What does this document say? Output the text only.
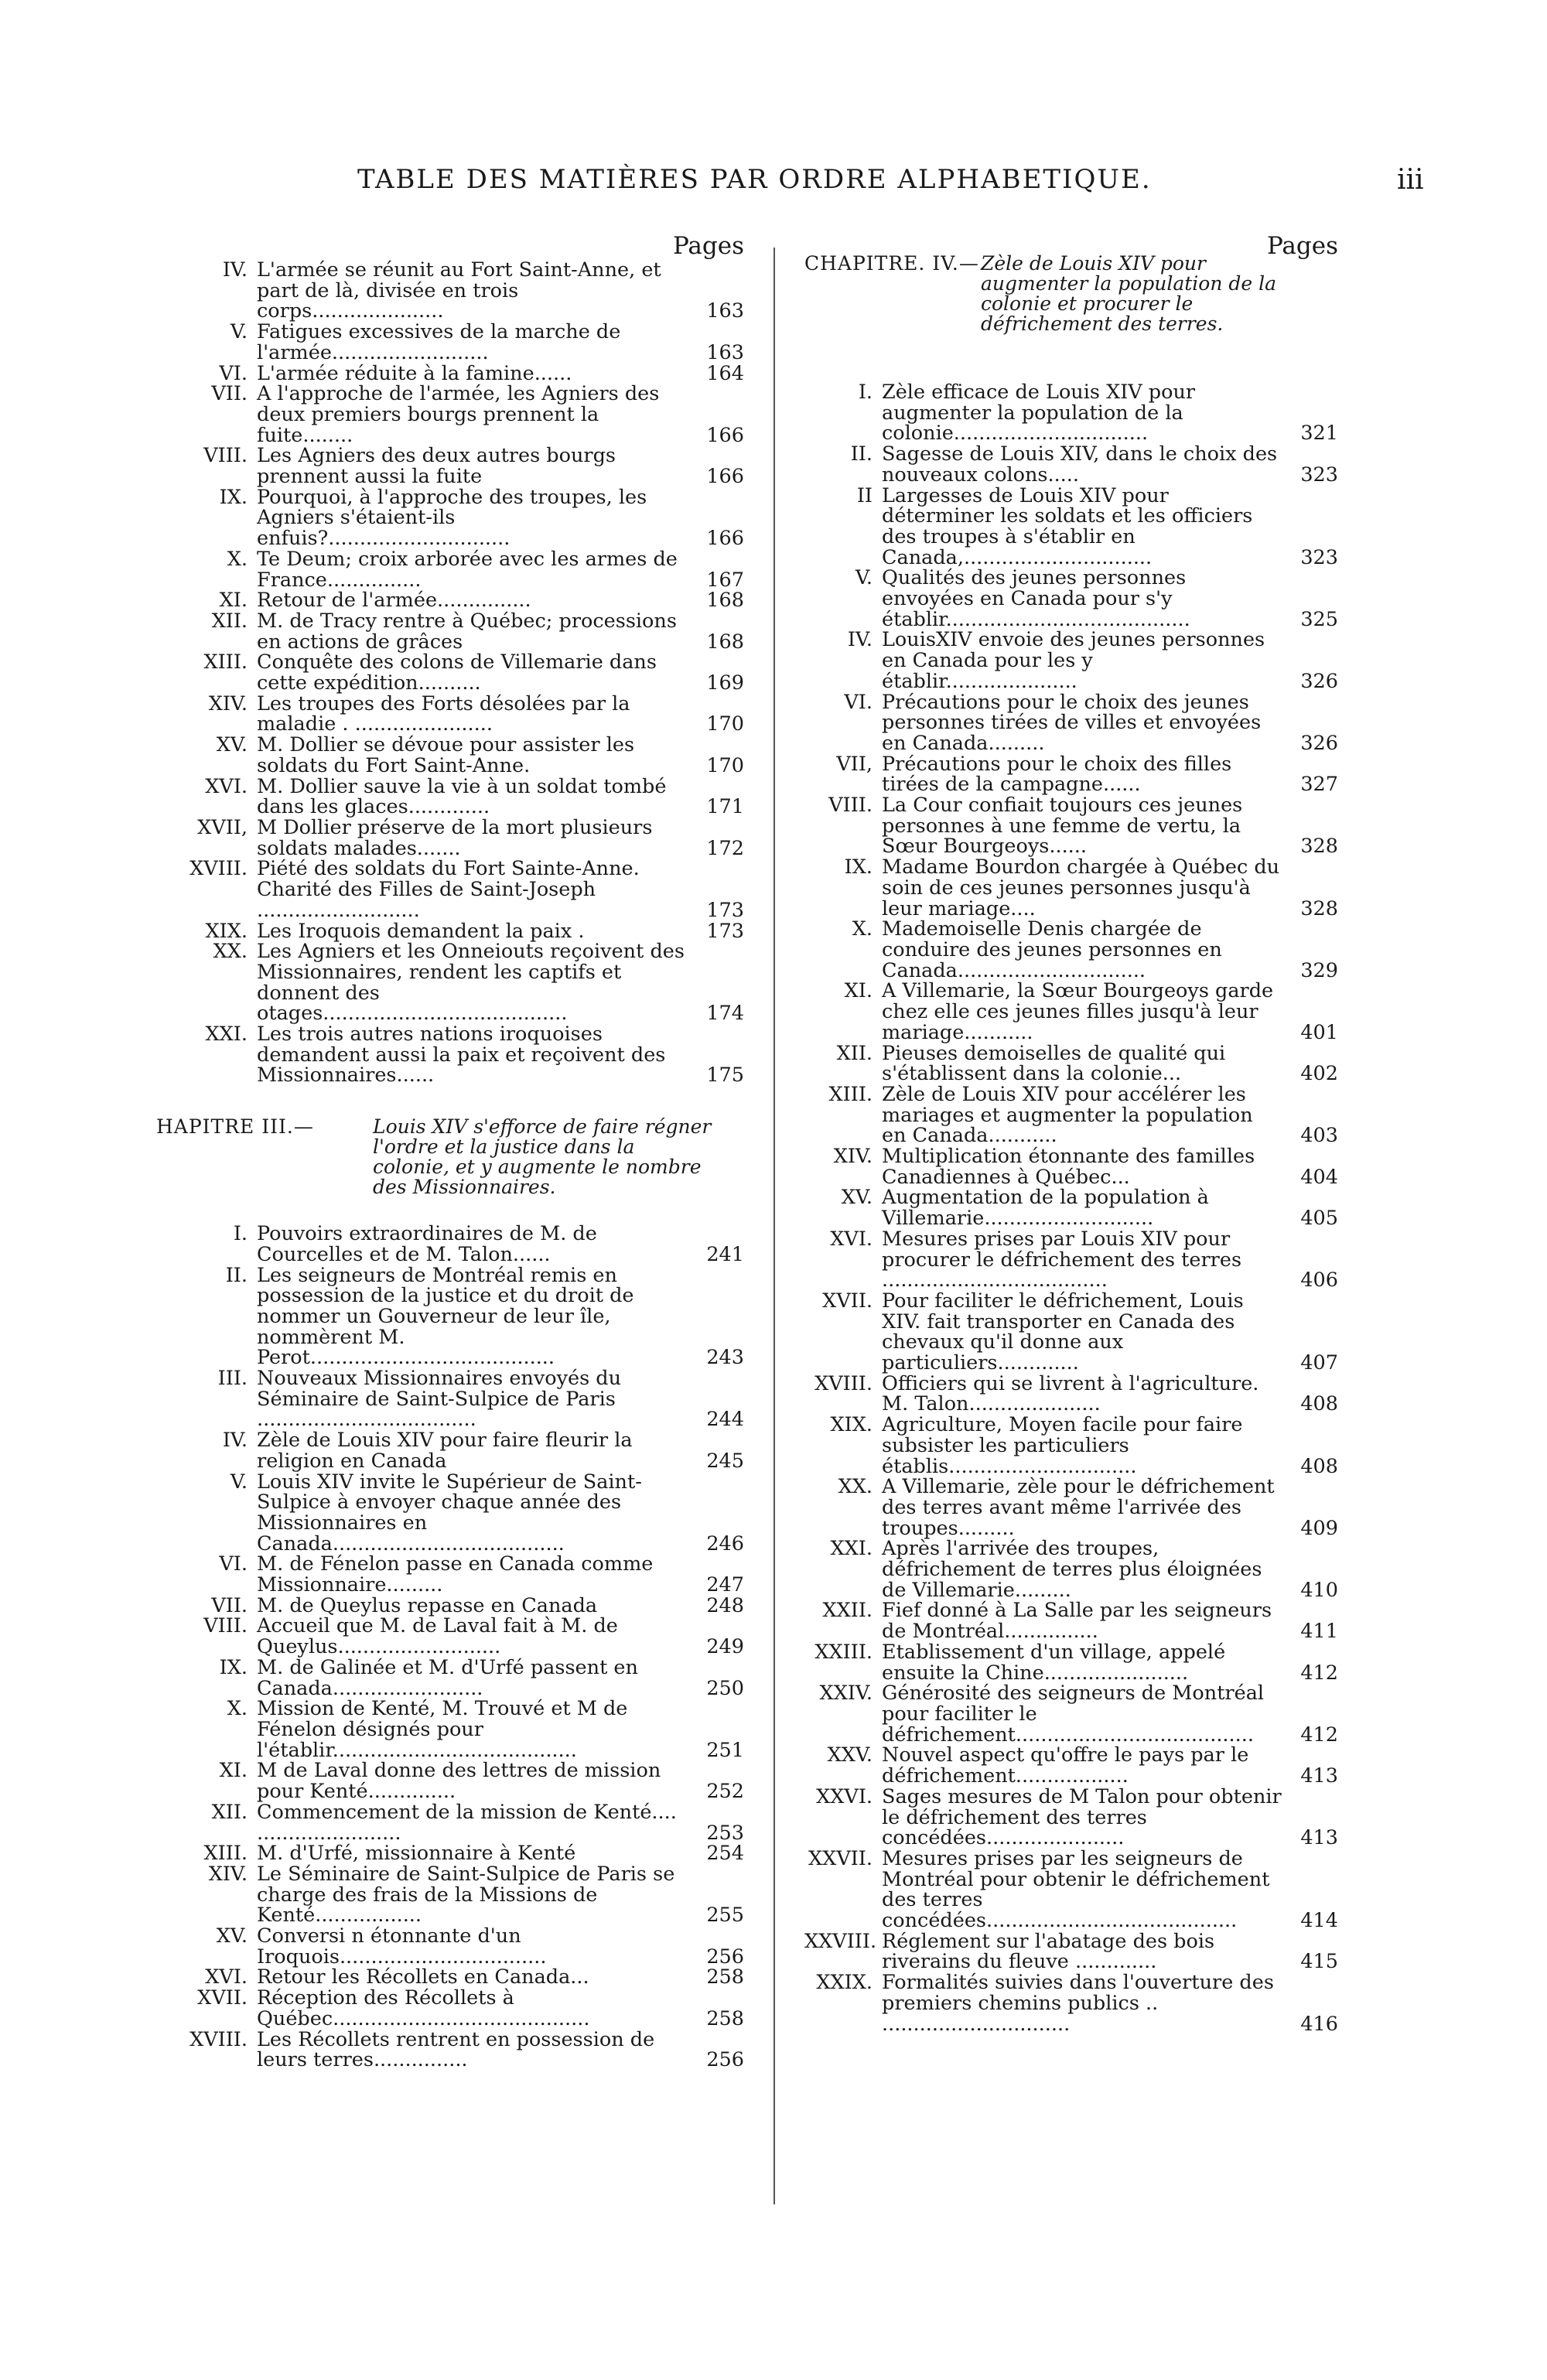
TABLE DES MATIÈRES PAR ORDRE ALPHABETIQUE.	iii
Pages
IV. L'armée se réunit au Fort Saint-Anne, et part de là, divisée en trois corps.....................	163
V. Fatigues excessives de la marche de l'armée.........................	163
VI. L'armée réduite à la famine......	164
VII. A l'approche de l'armée, les Agniers des deux premiers bourgs prennent la fuite........	166
VIII. Les Agniers des deux autres bourgs prennent aussi la fuite	166
IX. Pourquoi, à l'approche des troupes, les Agniers s'étaient-ils enfuis?.............................	166
X. Te Deum; croix arborée avec les armes de France...............	167
XI. Retour de l'armée...............	168
XII. M. de Tracy rentre à Québec; processions en actions de grâces	168
XIII. Conquête des colons de Villemarie dans cette expédition..........	169
XIV. Les troupes des Forts désolées par la maladie . ......................	170
XV. M. Dollier se dévoue pour assister les soldats du Fort Saint-Anne.	170
XVI. M. Dollier sauve la vie à un soldat tombé dans les glaces.............	171
XVII, M Dollier préserve de la mort plusieurs soldats malades.......	172
XVIII. Piété des soldats du Fort Sainte-Anne. Charité des Filles de Saint-Joseph ..........................	173
XIX. Les Iroquois demandent la paix .	173
XX. Les Agniers et les Onneiouts reçoivent des Missionnaires, rendent les captifs et donnent des otages.......................................	174
XXI. Les trois autres nations iroquoises demandent aussi la paix et reçoivent des Missionnaires......	175
HAPITRE III.—	Louis XIV s'efforce de faire régner l'ordre et la justice dans la colonie, et y augmente le nombre des Missionnaires.
I. Pouvoirs extraordinaires de M. de Courcelles et de M. Talon......	241
II. Les seigneurs de Montréal remis en possession de la justice et du droit de nommer un Gouverneur de leur île, nommèrent M. Perot.......................................	243
III. Nouveaux Missionnaires envoyés du Séminaire de Saint-Sulpice de Paris ...................................	244
IV. Zèle de Louis XIV pour faire fleurir la religion en Canada	245
V. Louis XIV invite le Supérieur de Saint-Sulpice à envoyer chaque année des Missionnaires en Canada.....................................	246
VI. M. de Fénelon passe en Canada comme Missionnaire.........	247
VII. M. de Queylus repasse en Canada	248
VIII. Accueil que M. de Laval fait à M. de Queylus..........................	249
IX. M. de Galinée et M. d'Urfé passent en Canada........................	250
X. Mission de Kenté, M. Trouvé et M de Fénelon désignés pour l'établir.......................................	251
XI. M de Laval donne des lettres de mission pour Kenté..............	252
XII. Commencement de la mission de Kenté.... .......................	253
XIII. M. d'Urfé, missionnaire à Kenté	254
XIV. Le Séminaire de Saint-Sulpice de Paris se charge des frais de la Missions de Kenté.................	255
XV. Conversi n étonnante d'un Iroquois.................................	256
XVI. Retour les Récollets en Canada...	258
XVII. Réception des Récollets à Québec.........................................	258
XVIII. Les Récollets rentrent en possession de leurs terres...............	256
Pages
CHAPITRE. IV.— Zèle de Louis XIV pour augmenter la population de la colonie et procurer le défrichement des terres.
I. Zèle efficace de Louis XIV pour augmenter la population de la colonie...............................	321
II. Sagesse de Louis XIV, dans le choix des nouveaux colons.....	323
II Largesses de Louis XIV pour déterminer les soldats et les officiers des troupes à s'établir en Canada,..............................	323
V. Qualités des jeunes personnes envoyées en Canada pour s'y établir.......................................	325
IV. LouisXIV envoie des jeunes personnes en Canada pour les y établir.....................	326
VI. Précautions pour le choix des jeunes personnes tirées de villes et envoyées en Canada.........	326
VII, Précautions pour le choix des filles tirées de la campagne......	327
VIII. La Cour confiait toujours ces jeunes personnes à une femme de vertu, la Sœur Bourgeoys......	328
IX. Madame Bourdon chargée à Québec du soin de ces jeunes personnes jusqu'à leur mariage....	328
X. Mademoiselle Denis chargée de conduire des jeunes personnes en Canada..............................	329
XI. A Villemarie, la Sœur Bourgeoys garde chez elle ces jeunes filles jusqu'à leur mariage...........	401
XII. Pieuses demoiselles de qualité qui s'établissent dans la colonie...	402
XIII. Zèle de Louis XIV pour accélérer les mariages et augmenter la population en Canada...........	403
XIV. Multiplication étonnante des familles Canadiennes à Québec...	404
XV. Augmentation de la population à Villemarie...........................	405
XVI. Mesures prises par Louis XIV pour procurer le défrichement des terres ....................................	406
XVII. Pour faciliter le défrichement, Louis XIV. fait transporter en Canada des chevaux qu'il donne aux particuliers.............	407
XVIII. Officiers qui se livrent à l'agriculture. M. Talon.....................	408
XIX. Agriculture, Moyen facile pour faire subsister les particuliers établis..............................	408
XX. A Villemarie, zèle pour le défrichement des terres avant même l'arrivée des troupes.........	409
XXI. Après l'arrivée des troupes, défrichement de terres plus éloignées de Villemarie.........	410
XXII. Fief donné à La Salle par les seigneurs de Montréal...............	411
XXIII. Etablissement d'un village, appelé ensuite la Chine.......................	412
XXIV. Générosité des seigneurs de Montréal pour faciliter le défrichement......................................	412
XXV. Nouvel aspect qu'offre le pays par le défrichement..................	413
XXVI. Sages mesures de M Talon pour obtenir le défrichement des terres concédées......................	413
XXVII. Mesures prises par les seigneurs de Montréal pour obtenir le défrichement des terres concédées........................................	414
XXVIII. Réglement sur l'abatage des bois riverains du fleuve .............	415
XXIX. Formalités suivies dans l'ouverture des premiers chemins publics .. ..............................	416
